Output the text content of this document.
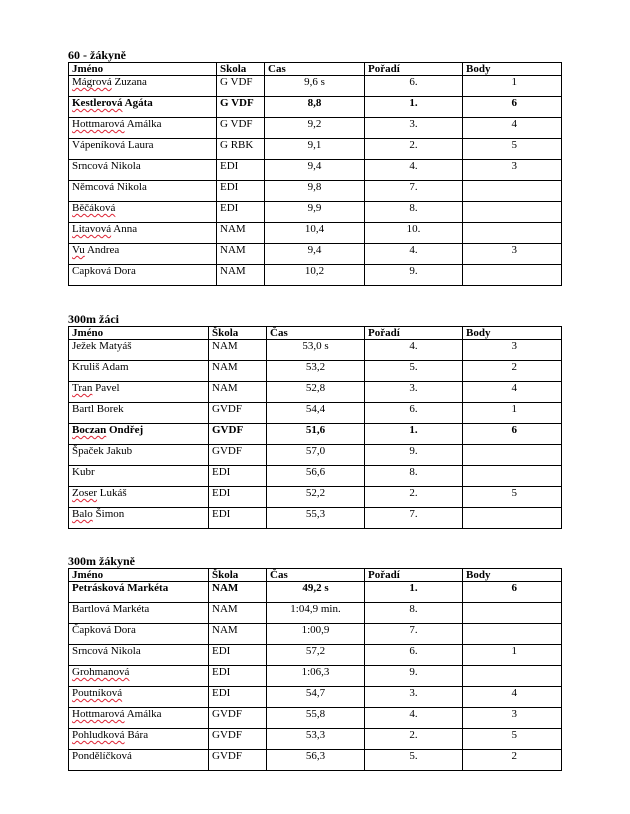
60 - žákyně
Jméno	Skola	Cas	Pořadí	Body
Mágrová Zuzana	G VDF	9,6 s	6.	1
Kestlerová Agáta	G VDF	8,8	1.	6
Hottmarová Amálka	G VDF	9,2	3.	4
Vápeníková Laura	G RBK	9,1	2.	5
Srncová Nikola	EDI	9,4	4.	3
Němcová Nikola	EDI	9,8	7.	
Běčáková	EDI	9,9	8.	
Litavová Anna	NAM	10,4	10.	
Vu Andrea	NAM	9,4	4.	3
Capková Dora	NAM	10,2	9.	
300m žáci
Jméno	Škola	Čas	Pořadí	Body
Ježek Matyáš	NAM	53,0 s	4.	3
Kruliš Adam	NAM	53,2	5.	2
Tran Pavel	NAM	52,8	3.	4
Bartl Borek	GVDF	54,4	6.	1
Boczan Ondřej	GVDF	51,6	1.	6
Špaček Jakub	GVDF	57,0	9.	
Kubr	EDI	56,6	8.	
Zoser Lukáš	EDI	52,2	2.	5
Balo Šimon	EDI	55,3	7.	
300m žákyně
Jméno	Škola	Čas	Pořadí	Body
Petrásková Markéta	NAM	49,2 s	1.	6
Bartlová Markéta	NAM	1:04,9 min.	8.	
Čapková Dora	NAM	1:00,9	7.	
Srncová Nikola	EDI	57,2	6.	1
Grohmanová	EDI	1:06,3	9.	
Poutníková	EDI	54,7	3.	4
Hottmarová Amálka	GVDF	55,8	4.	3
Pohludková Bára	GVDF	53,3	2.	5
Pondělíčková	GVDF	56,3	5.	2
